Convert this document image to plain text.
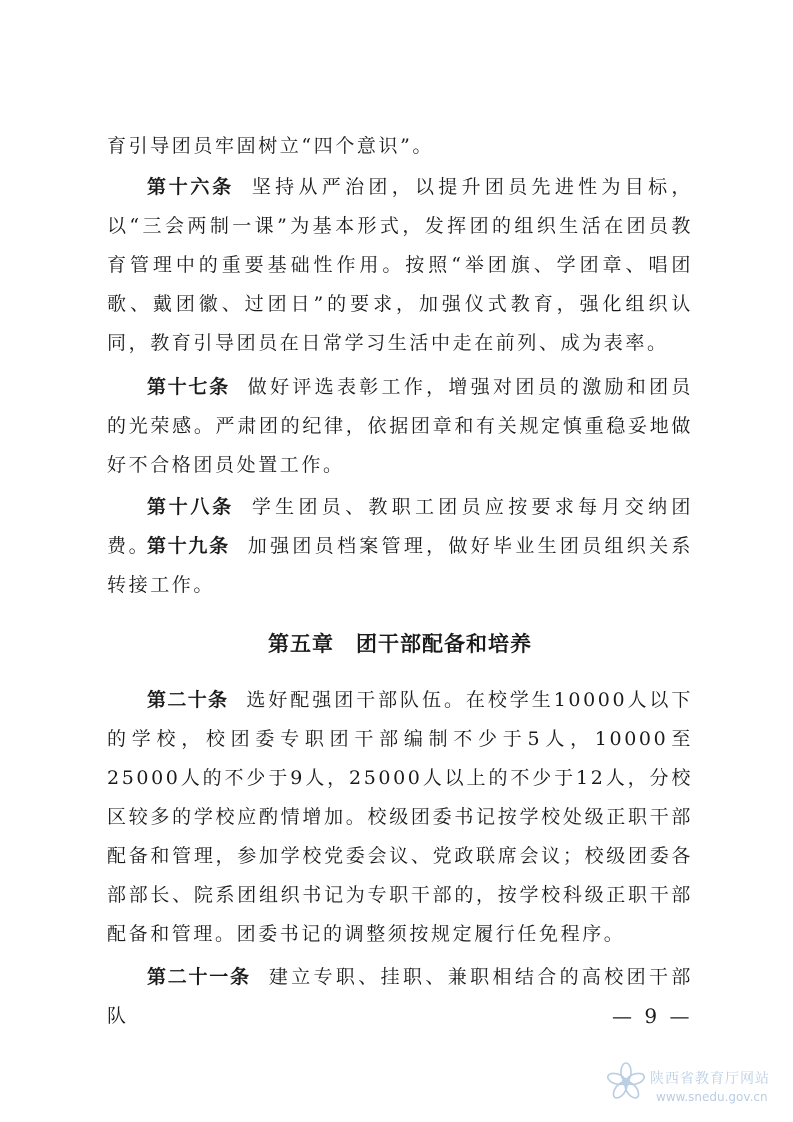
育引导团员牢固树立“四个意识”。

第十六条 坚持从严治团，以提升团员先进性为目标，以“三会两制一课”为基本形式，发挥团的组织生活在团员教育管理中的重要基础性作用。按照“举团旗、学团章、唱团歌、戴团徽、过团日”的要求，加强仪式教育，强化组织认同，教育引导团员在日常学习生活中走在前列、成为表率。

第十七条 做好评选表彰工作，增强对团员的激励和团员的光荣感。严肃团的纪律，依据团章和有关规定慎重稳妥地做好不合格团员处置工作。

第十八条 学生团员、教职工团员应按要求每月交纳团费。

第十九条 加强团员档案管理，做好毕业生团员组织关系转接工作。

第五章 团干部配备和培养

第二十条 选好配强团干部队伍。在校学生10000人以下的学校，校团委专职团干部编制不少于5人，10000至25000人的不少于9人，25000人以上的不少于12人，分校区较多的学校应酌情增加。校级团委书记按学校处级正职干部配备和管理，参加学校党委会议、党政联席会议；校级团委各部部长、院系团组织书记为专职干部的，按学校科级正职干部配备和管理。团委书记的调整须按规定履行任免程序。

第二十一条 建立专职、挂职、兼职相结合的高校团干部队	— 9 —
陕西省教育厅网站
www.snedu.gov.cn
